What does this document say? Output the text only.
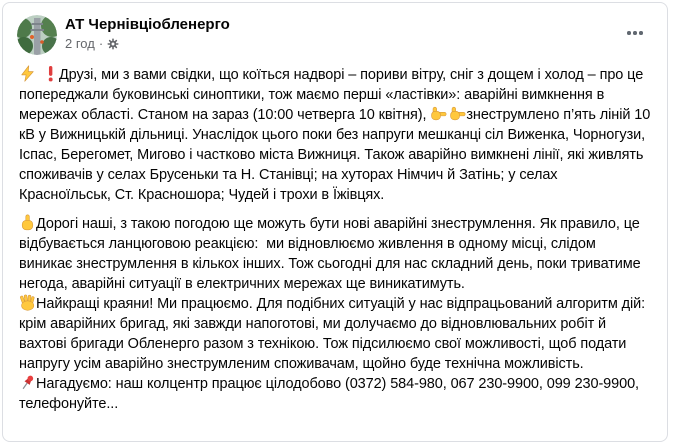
АТ Чернівціобленерго
2 год ·

Друзі, ми з вами свідки, що коїться надворі – пориви вітру, сніг з дощем і холод – про це попереджали буковинські синоптики, тож маємо перші «ластівки»: аварійні вимкнення в мережах області. Станом на зараз (10:00 четверга 10 квітня), знеструмлено п’ять ліній 10 кВ у Вижницькій дільниці. Унаслідок цього поки без напруги мешканці сіл Виженка, Чорногузи, Іспас, Берегомет, Мигово і частково міста Вижниця. Також аварійно вимкнені лінії, які живлять споживачів у селах Брусеньки та Н. Станівці; на хуторах Німчич й Затінь; у селах Красноїльськ, Ст. Красношора; Чудей і трохи в Їжівцях.

Дорогі наші, з такою погодою ще можуть бути нові аварійні знеструмлення. Як правило, це відбувається ланцюговою реакцією:  ми відновлюємо живлення в одному місці, слідом виникає знеструмлення в кількох інших. Тож сьогодні для нас складний день, поки триватиме негода, аварійні ситуації в електричних мережах ще виникатимуть.

Найкращі краяни! Ми працюємо. Для подібних ситуацій у нас відпрацьований алгоритм дій: крім аварійних бригад, які завжди напоготові, ми долучаємо до відновлювальних робіт й вахтові бригади Обленерго разом з технікою. Тож підсилюємо свої можливості, щоб подати напругу усім аварійно знеструмленим споживачам, щойно буде технічна можливість.

Нагадуємо: наш колцентр працює цілодобово (0372) 584-980, 067 230-9900, 099 230-9900, телефонуйте...
